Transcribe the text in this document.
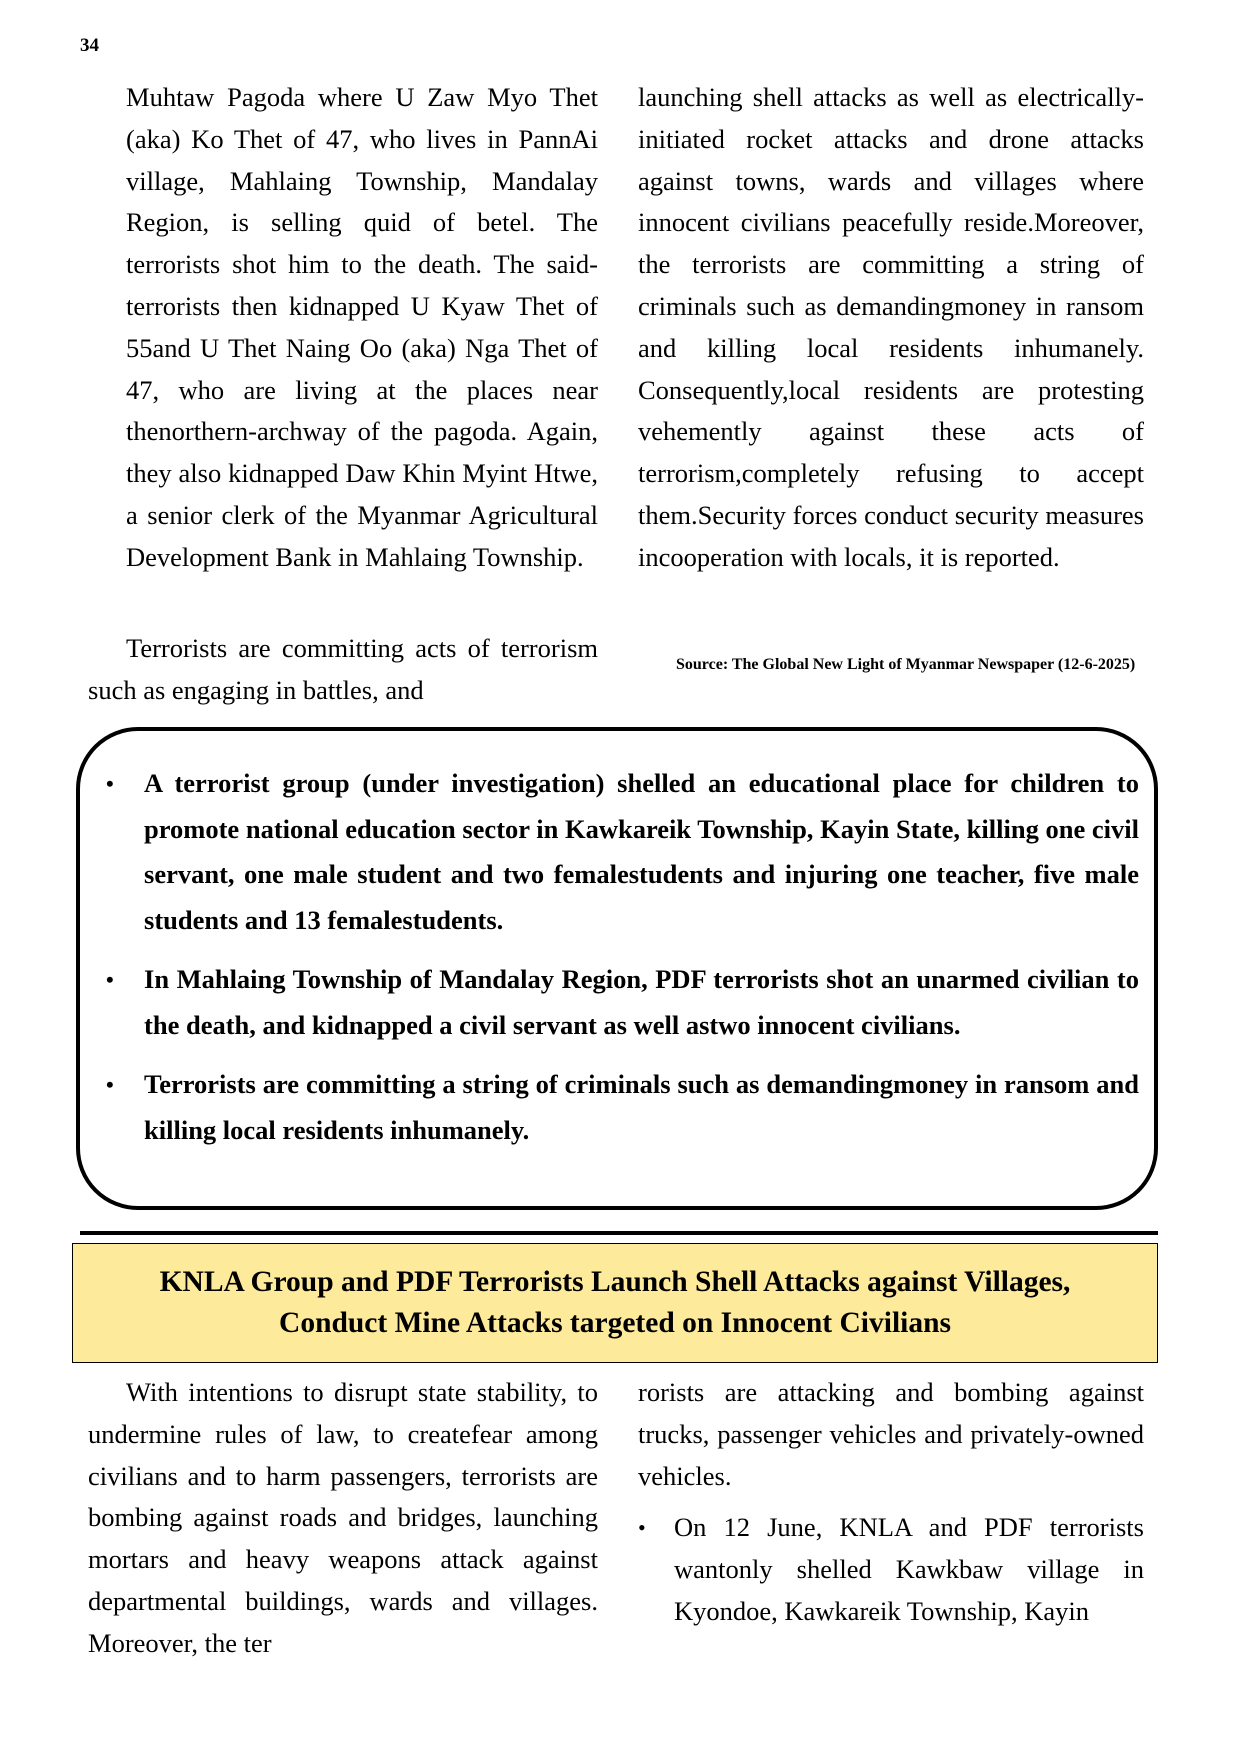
34

Muhtaw Pagoda where U Zaw Myo Thet (aka) Ko Thet of 47, who lives in PannAi village, Mahlaing Township, Mandalay Region, is selling quid of betel. The terrorists shot him to the death. The said-terrorists then kidnapped U Kyaw Thet of 55and U Thet Naing Oo (aka) Nga Thet of 47, who are living at the places near thenorthern-archway of the pagoda. Again, they also kidnapped Daw Khin Myint Htwe, a senior clerk of the Myanmar Agricultural Development Bank in Mahlaing Township.

Terrorists are committing acts of terrorism such as engaging in battles, and

launching shell attacks as well as electrically-initiated rocket attacks and drone attacks against towns, wards and villages where innocent civilians peacefully reside.Moreover, the terrorists are committing a string of criminals such as demandingmoney in ransom and killing local residents inhumanely. Consequently,local residents are protesting vehemently against these acts of terrorism,completely refusing to accept them.Security forces conduct security measures incooperation with locals, it is reported.

Source: The Global New Light of Myanmar Newspaper (12-6-2025)
• A terrorist group (under investigation) shelled an educational place for children to promote national education sector in Kawkareik Township, Kayin State, killing one civil servant, one male student and two femalestudents and injuring one teacher, five male students and 13 femalestudents.
• In Mahlaing Township of Mandalay Region, PDF terrorists shot an unarmed civilian to the death, and kidnapped a civil servant as well astwo innocent civilians.
• Terrorists are committing a string of criminals such as demandingmoney in ransom and killing local residents inhumanely.
KNLA Group and PDF Terrorists Launch Shell Attacks against Villages,
Conduct Mine Attacks targeted on Innocent Civilians

With intentions to disrupt state stability, to undermine rules of law, to createfear among civilians and to harm passengers, terrorists are bombing against roads and bridges, launching mortars and heavy weapons attack against departmental buildings, wards and villages. Moreover, the ter

rorists are attacking and bombing against trucks, passenger vehicles and privately-owned vehicles.

• On 12 June, KNLA and PDF terrorists wantonly shelled Kawkbaw village in Kyondoe, Kawkareik Township, Kayin
